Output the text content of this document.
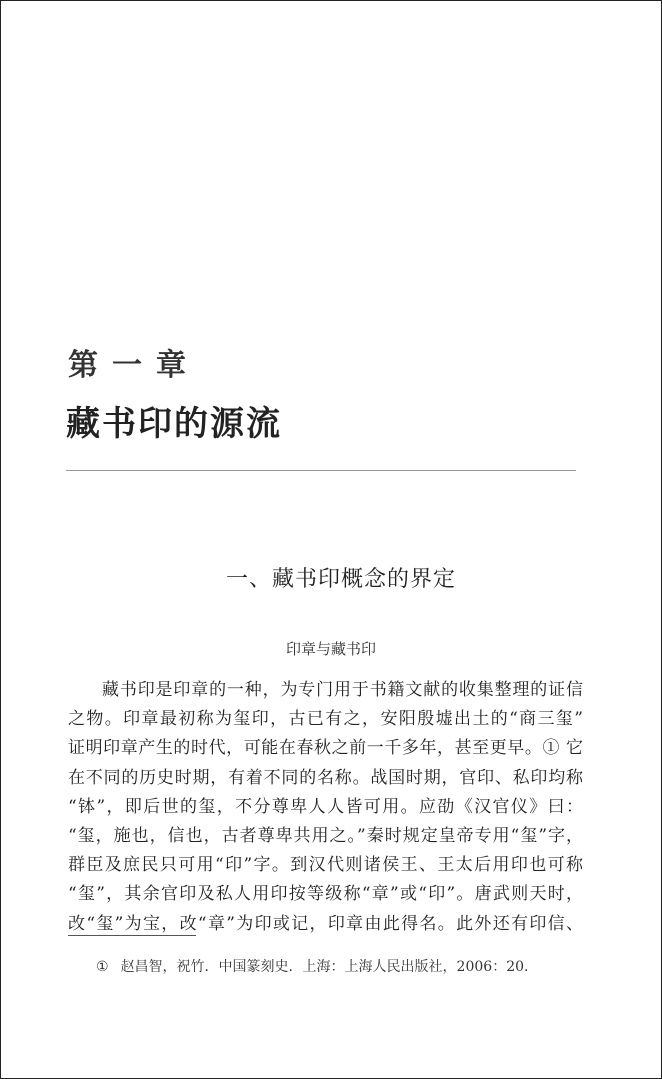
第一章
藏书印的源流
一、藏书印概念的界定
印章与藏书印
藏书印是印章的一种，为专门用于书籍文献的收集整理的证信
之物。印章最初称为玺印，古已有之，安阳殷墟出土的“商三玺”
证明印章产生的时代，可能在春秋之前一千多年，甚至更早。① 它
在不同的历史时期，有着不同的名称。战国时期，官印、私印均称
“钵”，即后世的玺，不分尊卑人人皆可用。应劭《汉官仪》曰：
“玺，施也，信也，古者尊卑共用之。”秦时规定皇帝专用“玺”字，
群臣及庶民只可用“印”字。到汉代则诸侯王、王太后用印也可称
“玺”，其余官印及私人用印按等级称“章”或“印”。唐武则天时，
改“玺”为宝，改“章”为印或记，印章由此得名。此外还有印信、
① 赵昌智，祝竹．中国篆刻史．上海：上海人民出版社，2006：20.
